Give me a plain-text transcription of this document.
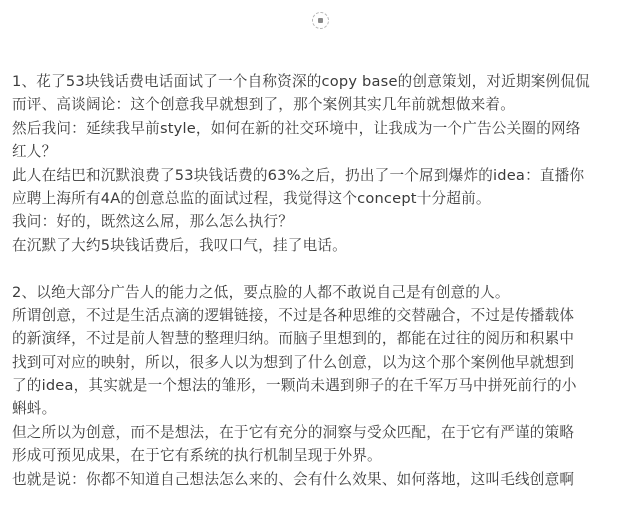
1、花了53块钱话费电话面试了一个自称资深的copy base的创意策划，对近期案例侃侃
而评、高谈阔论：这个创意我早就想到了，那个案例其实几年前就想做来着。
然后我问：延续我早前style，如何在新的社交环境中，让我成为一个广告公关圈的网络
红人？
此人在结巴和沉默浪费了53块钱话费的63%之后，扔出了一个屌到爆炸的idea：直播你
应聘上海所有4A的创意总监的面试过程，我觉得这个concept十分超前。
我问：好的，既然这么屌，那么怎么执行？
在沉默了大约5块钱话费后，我叹口气，挂了电话。
2、以绝大部分广告人的能力之低，要点脸的人都不敢说自己是有创意的人。
所谓创意，不过是生活点滴的逻辑链接，不过是各种思维的交替融合，不过是传播载体
的新演绎，不过是前人智慧的整理归纳。而脑子里想到的，都能在过往的阅历和积累中
找到可对应的映射，所以，很多人以为想到了什么创意，以为这个那个案例他早就想到
了的idea，其实就是一个想法的雏形，一颗尚未遇到卵子的在千军万马中拼死前行的小
蝌蚪。
但之所以为创意，而不是想法，在于它有充分的洞察与受众匹配，在于它有严谨的策略
形成可预见成果，在于它有系统的执行机制呈现于外界。
也就是说：你都不知道自己想法怎么来的、会有什么效果、如何落地，这叫毛线创意啊
